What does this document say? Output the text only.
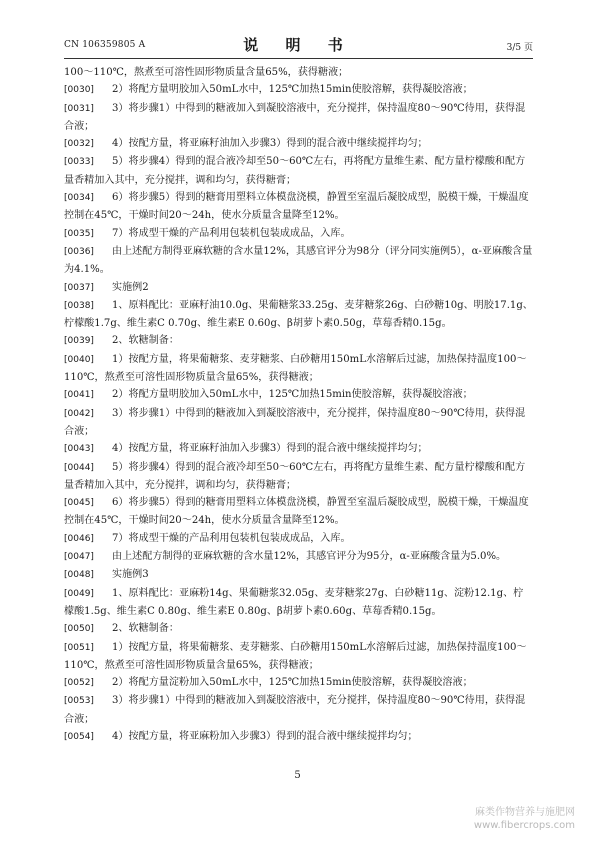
CN 106359805 A	说 明 书	3/5 页
100～110℃，熬煮至可溶性固形物质量含量65%，获得糖液；
[0030] 2）将配方量明胶加入50mL水中，125℃加热15min使胶溶解，获得凝胶溶液；
[0031] 3）将步骤1）中得到的糖液加入到凝胶溶液中，充分搅拌，保持温度80～90℃待用，获得混合液；
[0032] 4）按配方量，将亚麻籽油加入步骤3）得到的混合液中继续搅拌均匀；
[0033] 5）将步骤4）得到的混合液冷却至50～60℃左右，再将配方量维生素、配方量柠檬酸和配方量香精加入其中，充分搅拌，调和均匀，获得糖膏；
[0034] 6）将步骤5）得到的糖膏用塑料立体模盘浇模，静置至室温后凝胶成型，脱模干燥，干燥温度控制在45℃，干燥时间20～24h，使水分质量含量降至12%。
[0035] 7）将成型干燥的产品利用包装机包装成成品，入库。
[0036] 由上述配方制得亚麻软糖的含水量12%，其感官评分为98分（评分同实施例5），α-亚麻酸含量为4.1%。
[0037] 实施例2
[0038] 1、原料配比：亚麻籽油10.0g、果葡糖浆33.25g、麦芽糖浆26g、白砂糖10g、明胶17.1g、柠檬酸1.7g、维生素C 0.70g、维生素E 0.60g、β胡萝卜素0.50g，草莓香精0.15g。
[0039] 2、软糖制备：
[0040] 1）按配方量，将果葡糖浆、麦芽糖浆、白砂糖用150mL水溶解后过滤，加热保持温度100～110℃，熬煮至可溶性固形物质量含量65%，获得糖液；
[0041] 2）将配方量明胶加入50mL水中，125℃加热15min使胶溶解，获得凝胶溶液；
[0042] 3）将步骤1）中得到的糖液加入到凝胶溶液中，充分搅拌，保持温度80～90℃待用，获得混合液；
[0043] 4）按配方量，将亚麻籽油加入步骤3）得到的混合液中继续搅拌均匀；
[0044] 5）将步骤4）得到的混合液冷却至50～60℃左右，再将配方量维生素、配方量柠檬酸和配方量香精加入其中，充分搅拌，调和均匀，获得糖膏；
[0045] 6）将步骤5）得到的糖膏用塑料立体模盘浇模，静置至室温后凝胶成型，脱模干燥，干燥温度控制在45℃，干燥时间20～24h，使水分质量含量降至12%。
[0046] 7）将成型干燥的产品利用包装机包装成成品，入库。
[0047] 由上述配方制得的亚麻软糖的含水量12%，其感官评分为95分，α-亚麻酸含量为5.0%。
[0048] 实施例3
[0049] 1、原料配比：亚麻粉14g、果葡糖浆32.05g、麦芽糖浆27g、白砂糖11g、淀粉12.1g、柠檬酸1.5g、维生素C 0.80g、维生素E 0.80g、β胡萝卜素0.60g、草莓香精0.15g。
[0050] 2、软糖制备：
[0051] 1）按配方量，将果葡糖浆、麦芽糖浆、白砂糖用150mL水溶解后过滤，加热保持温度100～110℃，熬煮至可溶性固形物质量含量65%，获得糖液；
[0052] 2）将配方量淀粉加入50mL水中，125℃加热15min使胶溶解，获得凝胶溶液；
[0053] 3）将步骤1）中得到的糖液加入到凝胶溶液中，充分搅拌，保持温度80～90℃待用，获得混合液；
[0054] 4）按配方量，将亚麻粉加入步骤3）得到的混合液中继续搅拌均匀；
5
麻类作物营养与施肥网
www.fibercrops.com
